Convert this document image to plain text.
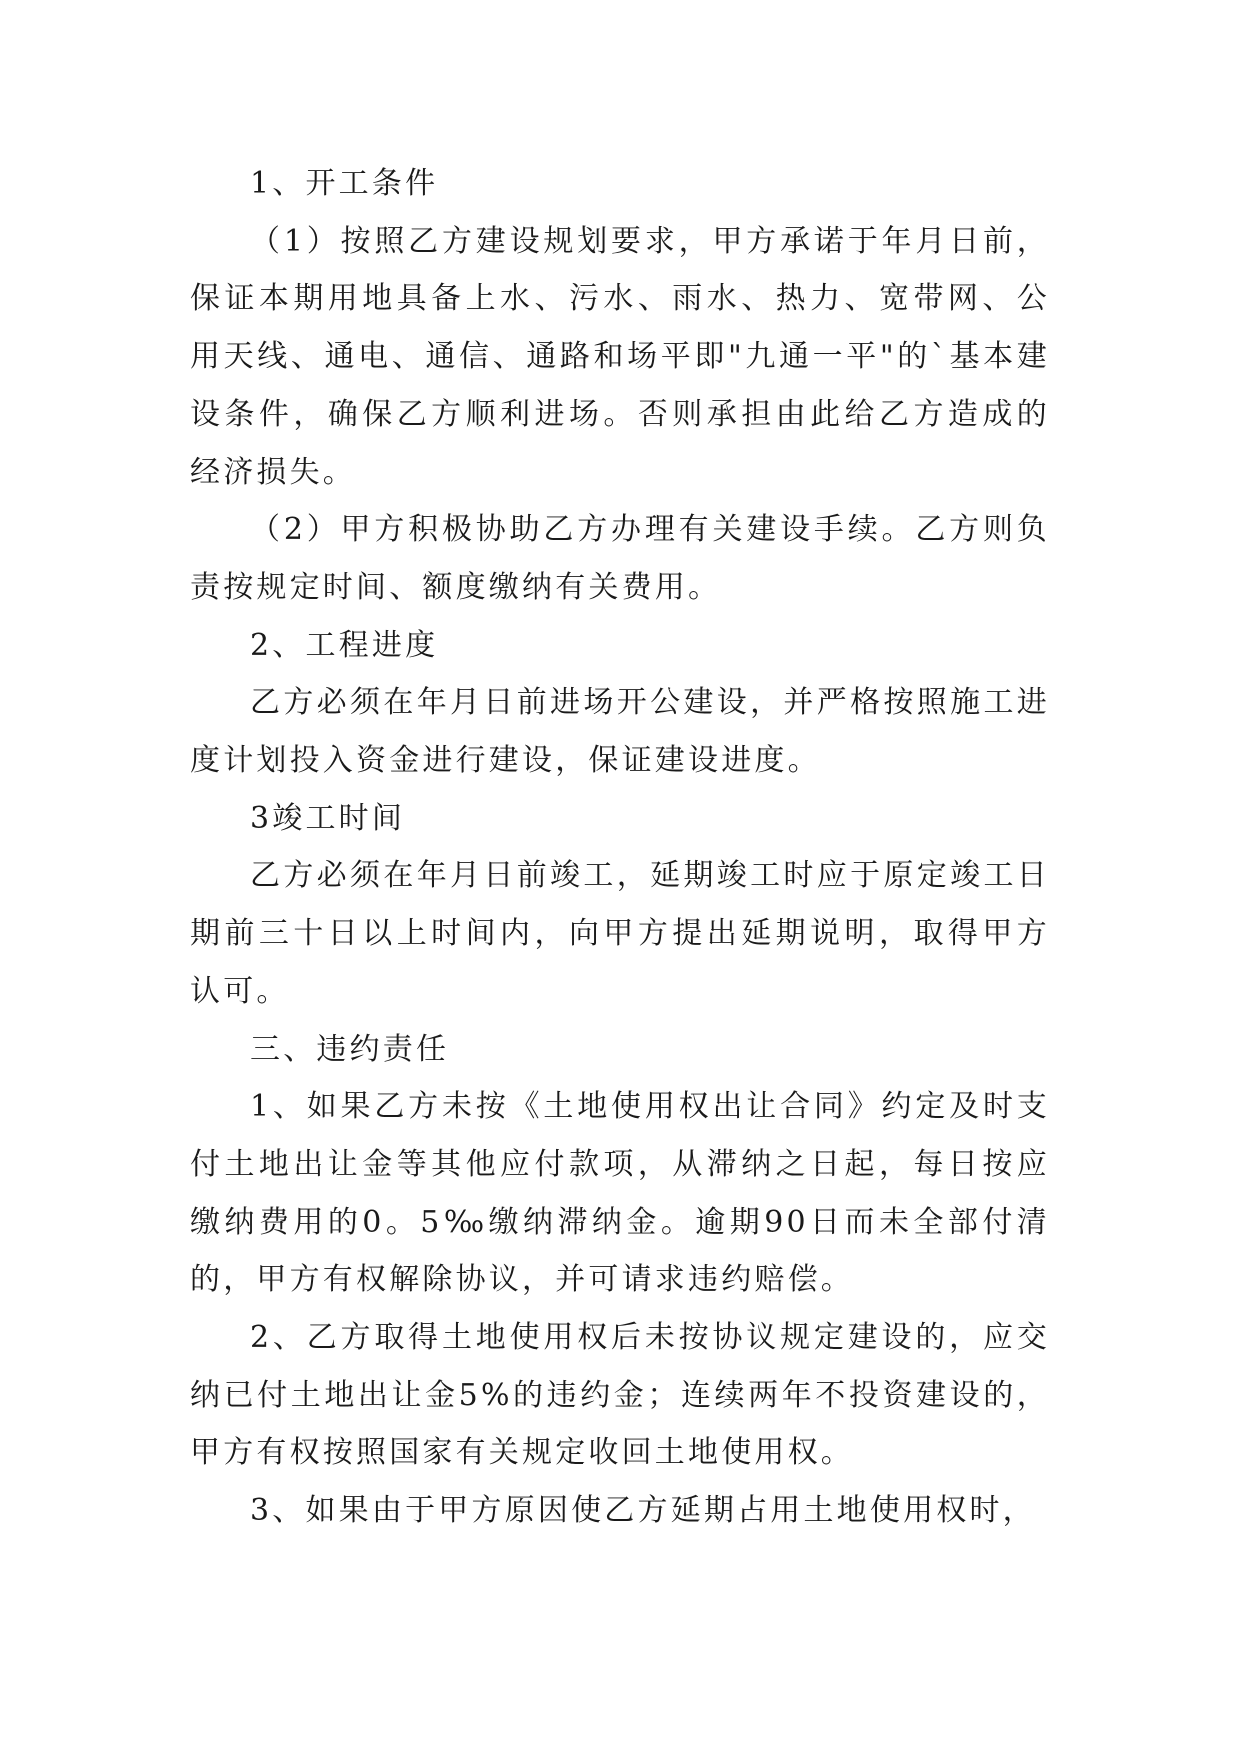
1、开工条件

（1）按照乙方建设规划要求，甲方承诺于年月日前，保证本期用地具备上水、污水、雨水、热力、宽带网、公用天线、通电、通信、通路和场平即"九通一平"的`基本建设条件，确保乙方顺利进场。否则承担由此给乙方造成的经济损失。

（2）甲方积极协助乙方办理有关建设手续。乙方则负责按规定时间、额度缴纳有关费用。

2、工程进度

乙方必须在年月日前进场开公建设，并严格按照施工进度计划投入资金进行建设，保证建设进度。

3竣工时间

乙方必须在年月日前竣工，延期竣工时应于原定竣工日期前三十日以上时间内，向甲方提出延期说明，取得甲方认可。

三、违约责任

1、如果乙方未按《土地使用权出让合同》约定及时支付土地出让金等其他应付款项，从滞纳之日起，每日按应缴纳费用的0。5‰缴纳滞纳金。逾期90日而未全部付清的，甲方有权解除协议，并可请求违约赔偿。

2、乙方取得土地使用权后未按协议规定建设的，应交纳已付土地出让金5%的违约金；连续两年不投资建设的，甲方有权按照国家有关规定收回土地使用权。

3、如果由于甲方原因使乙方延期占用土地使用权时，
